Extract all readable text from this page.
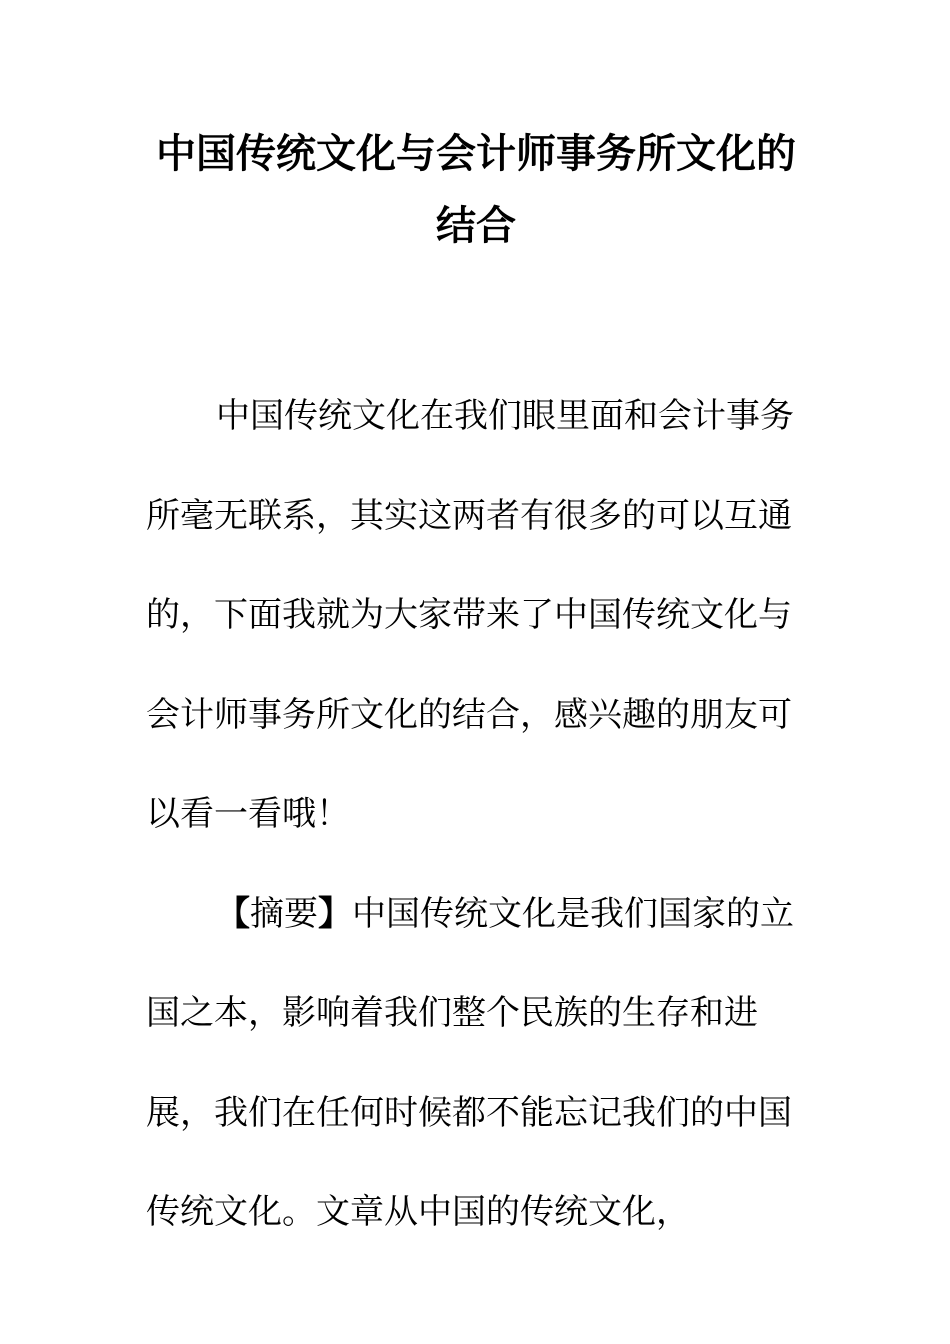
中国传统文化与会计师事务所文化的结合

中国传统文化在我们眼里面和会计事务所毫无联系，其实这两者有很多的可以互通的，下面我就为大家带来了中国传统文化与会计师事务所文化的结合，感兴趣的朋友可以看一看哦！

【摘要】中国传统文化是我们国家的立国之本，影响着我们整个民族的生存和进展，我们在任何时候都不能忘记我们的中国传统文化。文章从中国的传统文化，
